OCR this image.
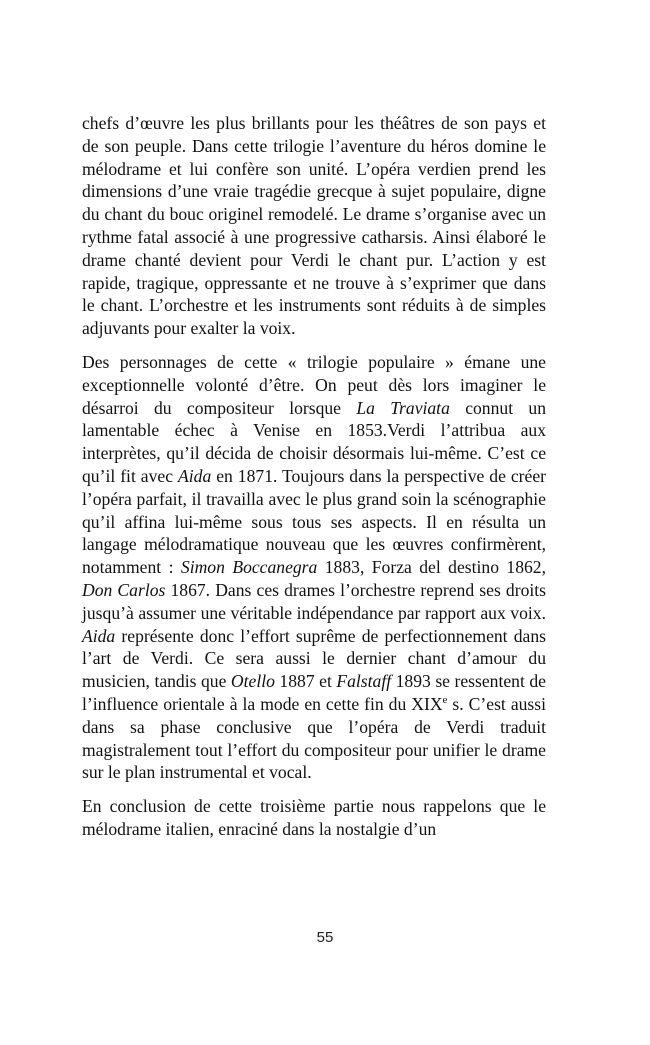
chefs d’œuvre les plus brillants pour les théâtres de son pays et de son peuple. Dans cette trilogie l’aventure du héros domine le mélodrame et lui confère son unité. L’opéra verdien prend les dimensions d’une vraie tragédie grecque à sujet populaire, digne du chant du bouc originel remodelé. Le drame s’organise avec un rythme fatal associé à une progressive catharsis. Ainsi élaboré le drame chanté devient pour Verdi le chant pur. L’action y est rapide, tragique, oppressante et ne trouve à s’exprimer que dans le chant. L’orchestre et les instruments sont réduits à de simples adjuvants pour exalter la voix.

Des personnages de cette « trilogie populaire » émane une exceptionnelle volonté d’être. On peut dès lors imaginer le désarroi du compositeur lorsque La Traviata connut un lamentable échec à Venise en 1853.Verdi l’attribua aux interprètes, qu’il décida de choisir désormais lui-même. C’est ce qu’il fit avec Aida en 1871. Toujours dans la perspective de créer l’opéra parfait, il travailla avec le plus grand soin la scénographie qu’il affina lui-même sous tous ses aspects. Il en résulta un langage mélodramatique nouveau que les œuvres confirmèrent, notamment : Simon Boccanegra 1883, Forza del destino 1862, Don Carlos 1867. Dans ces drames l’orchestre reprend ses droits jusqu’à assumer une véritable indépendance par rapport aux voix. Aida représente donc l’effort suprême de perfectionnement dans l’art de Verdi. Ce sera aussi le dernier chant d’amour du musicien, tandis que Otello 1887 et Falstaff 1893 se ressentent de l’influence orientale à la mode en cette fin du XIXe s. C’est aussi dans sa phase conclusive que l’opéra de Verdi traduit magistralement tout l’effort du compositeur pour unifier le drame sur le plan instrumental et vocal.

En conclusion de cette troisième partie nous rappelons que le mélodrame italien, enraciné dans la nostalgie d’un

55
